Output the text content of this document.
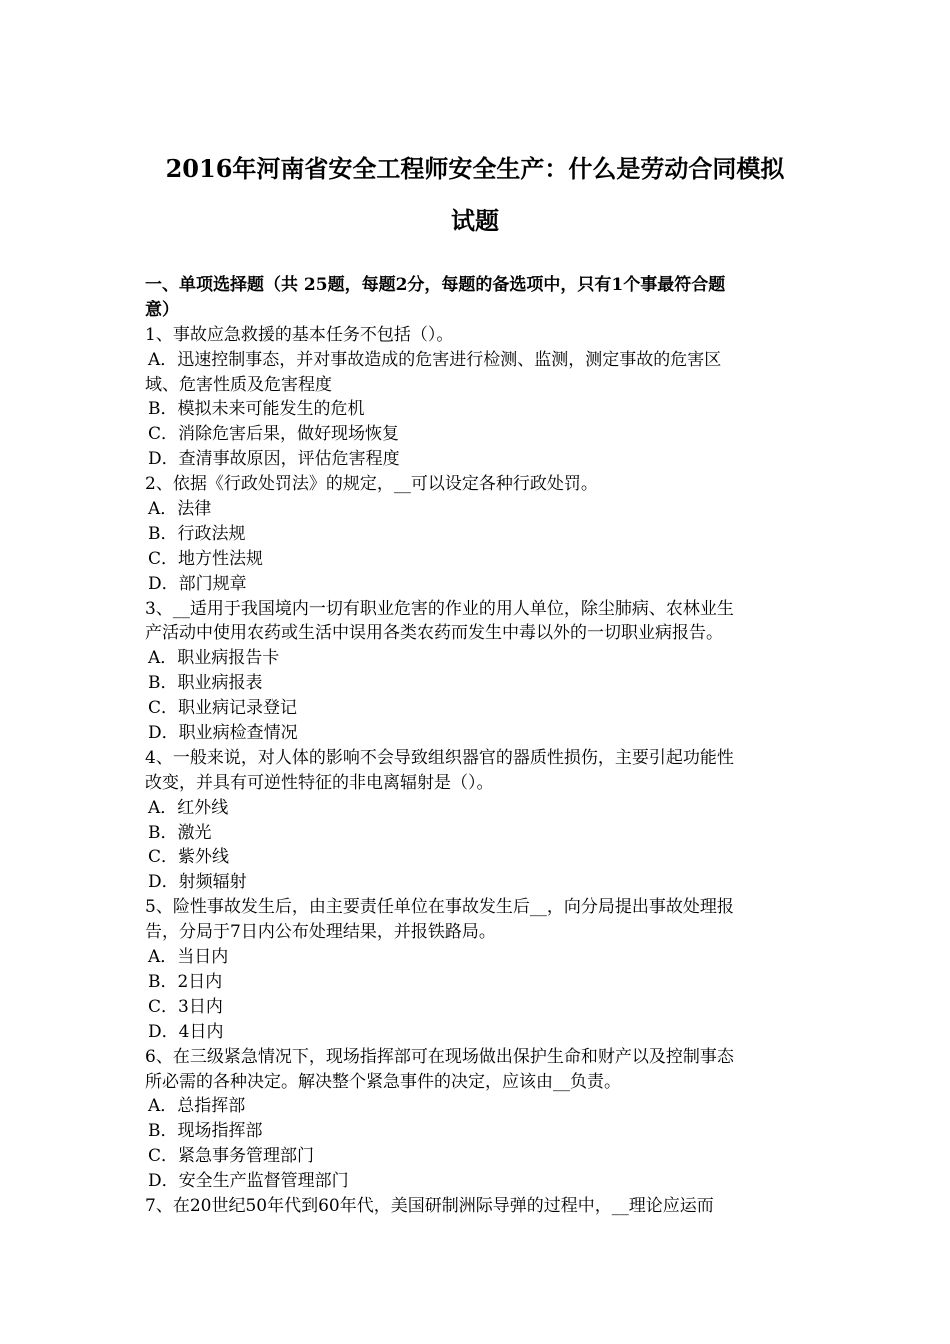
2016年河南省安全工程师安全生产：什么是劳动合同模拟
试题
一、单项选择题（共 25题，每题2分，每题的备选项中，只有1个事最符合题
意）
1、事故应急救援的基本任务不包括（）。
A．迅速控制事态，并对事故造成的危害进行检测、监测，测定事故的危害区
域、危害性质及危害程度
B．模拟未来可能发生的危机
C．消除危害后果，做好现场恢复
D．查清事故原因，评估危害程度
2、依据《行政处罚法》的规定，__可以设定各种行政处罚。
A．法律
B．行政法规
C．地方性法规
D．部门规章
3、__适用于我国境内一切有职业危害的作业的用人单位，除尘肺病、农林业生
产活动中使用农药或生活中误用各类农药而发生中毒以外的一切职业病报告。
A．职业病报告卡
B．职业病报表
C．职业病记录登记
D．职业病检查情况
4、一般来说，对人体的影响不会导致组织器官的器质性损伤，主要引起功能性
改变，并具有可逆性特征的非电离辐射是（）。
A．红外线
B．激光
C．紫外线
D．射频辐射
5、险性事故发生后，由主要责任单位在事故发生后__，向分局提出事故处理报
告，分局于7日内公布处理结果，并报铁路局。
A．当日内
B．2日内
C．3日内
D．4日内
6、在三级紧急情况下，现场指挥部可在现场做出保护生命和财产以及控制事态
所必需的各种决定。解决整个紧急事件的决定，应该由__负责。
A．总指挥部
B．现场指挥部
C．紧急事务管理部门
D．安全生产监督管理部门
7、在20世纪50年代到60年代，美国研制洲际导弹的过程中，__理论应运而
